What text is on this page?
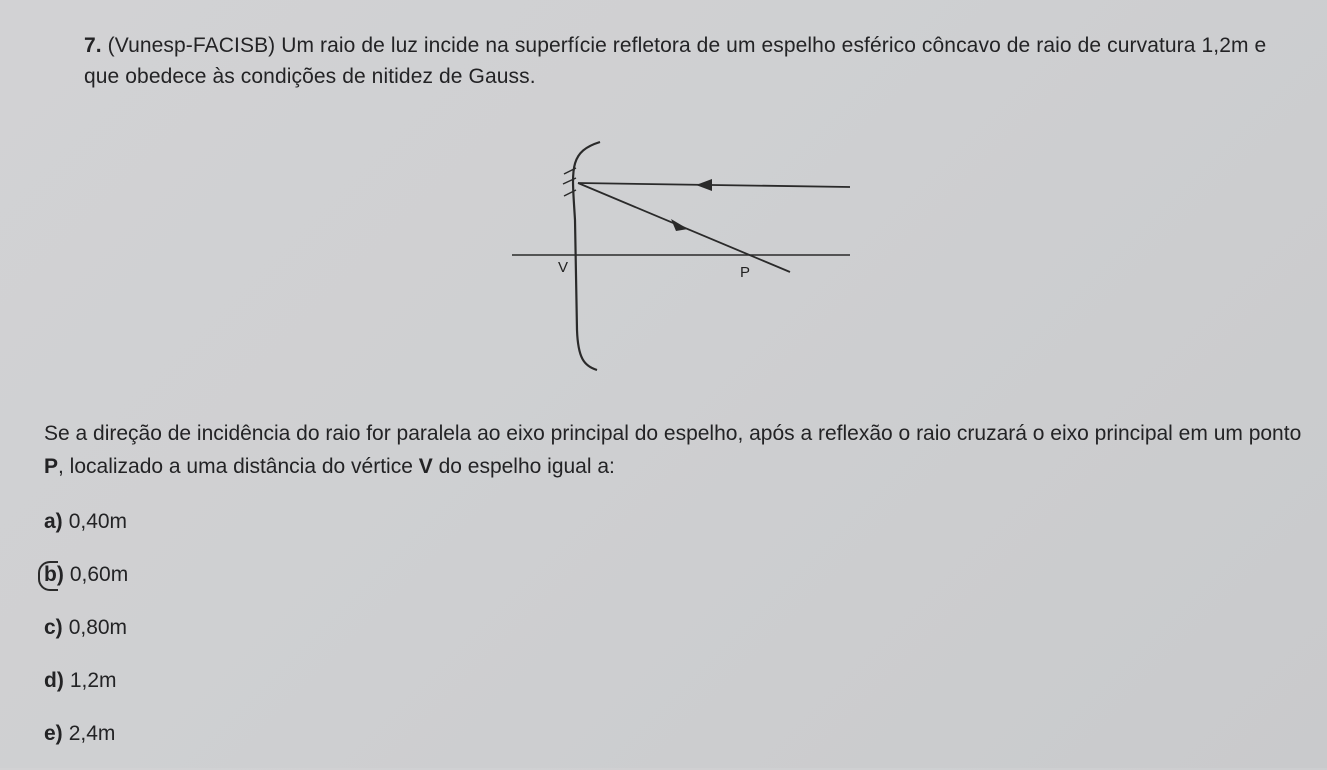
7. (Vunesp-FACISB) Um raio de luz incide na superfície refletora de um espelho esférico côncavo de raio de curvatura 1,2m e que obedece às condições de nitidez de Gauss.
V	P
Se a direção de incidência do raio for paralela ao eixo principal do espelho, após a reflexão o raio cruzará o eixo principal em um ponto P, localizado a uma distância do vértice V do espelho igual a:
a) 0,40m
b) 0,60m
c) 0,80m
d) 1,2m
e) 2,4m
